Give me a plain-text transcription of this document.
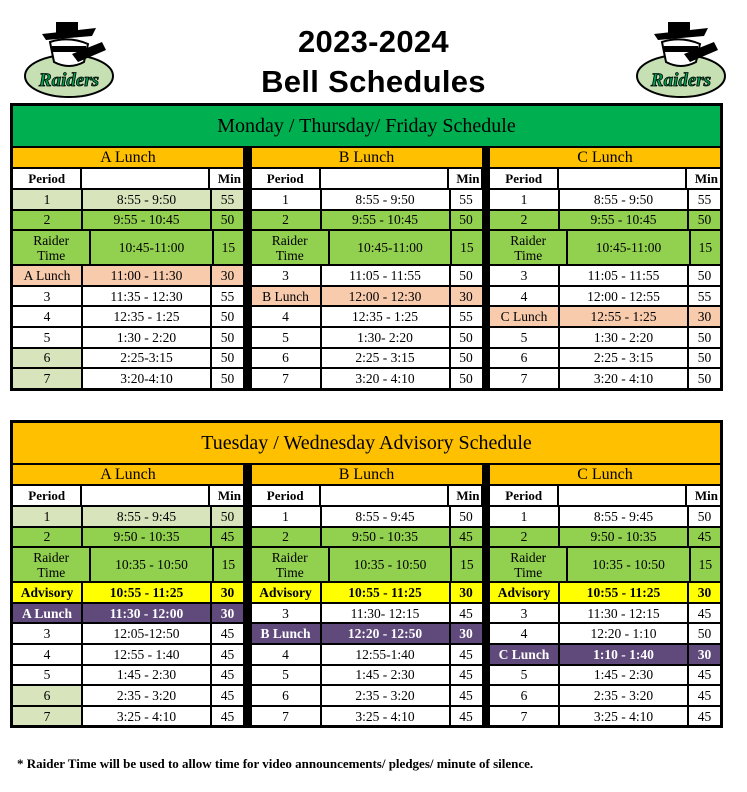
2023-2024
Bell Schedules
Raiders	Raiders
Monday / Thursday/ Friday Schedule
A Lunch
Period	Min
1	8:55 - 9:50	55
2	9:55 - 10:45	50
Raider Time	10:45-11:00	15
A Lunch	11:00 - 11:30	30
3	11:35 - 12:30	55
4	12:35 - 1:25	50
5	1:30 - 2:20	50
6	2:25-3:15	50
7	3:20-4:10	50
B Lunch
Period	Min
1	8:55 - 9:50	55
2	9:55 - 10:45	50
Raider Time	10:45-11:00	15
3	11:05 - 11:55	50
B Lunch	12:00 - 12:30	30
4	12:35 - 1:25	55
5	1:30- 2:20	50
6	2:25 - 3:15	50
7	3:20 - 4:10	50
C Lunch
Period	Min
1	8:55 - 9:50	55
2	9:55 - 10:45	50
Raider Time	10:45-11:00	15
3	11:05 - 11:55	50
4	12:00 - 12:55	55
C Lunch	12:55 - 1:25	30
5	1:30 - 2:20	50
6	2:25 - 3:15	50
7	3:20 - 4:10	50
Tuesday / Wednesday Advisory Schedule
A Lunch
Period	Min
1	8:55 - 9:45	50
2	9:50 - 10:35	45
Raider Time	10:35 - 10:50	15
Advisory	10:55 - 11:25	30
A Lunch	11:30 - 12:00	30
3	12:05-12:50	45
4	12:55 - 1:40	45
5	1:45 - 2:30	45
6	2:35 - 3:20	45
7	3:25 - 4:10	45
B Lunch
Period	Min
1	8:55 - 9:45	50
2	9:50 - 10:35	45
Raider Time	10:35 - 10:50	15
Advisory	10:55 - 11:25	30
3	11:30- 12:15	45
B Lunch	12:20 - 12:50	30
4	12:55-1:40	45
5	1:45 - 2:30	45
6	2:35 - 3:20	45
7	3:25 - 4:10	45
C Lunch
Period	Min
1	8:55 - 9:45	50
2	9:50 - 10:35	45
Raider Time	10:35 - 10:50	15
Advisory	10:55 - 11:25	30
3	11:30 - 12:15	45
4	12:20 - 1:10	50
C Lunch	1:10 - 1:40	30
5	1:45 - 2:30	45
6	2:35 - 3:20	45
7	3:25 - 4:10	45
* Raider Time will be used to allow time for video announcements/ pledges/ minute of silence.
